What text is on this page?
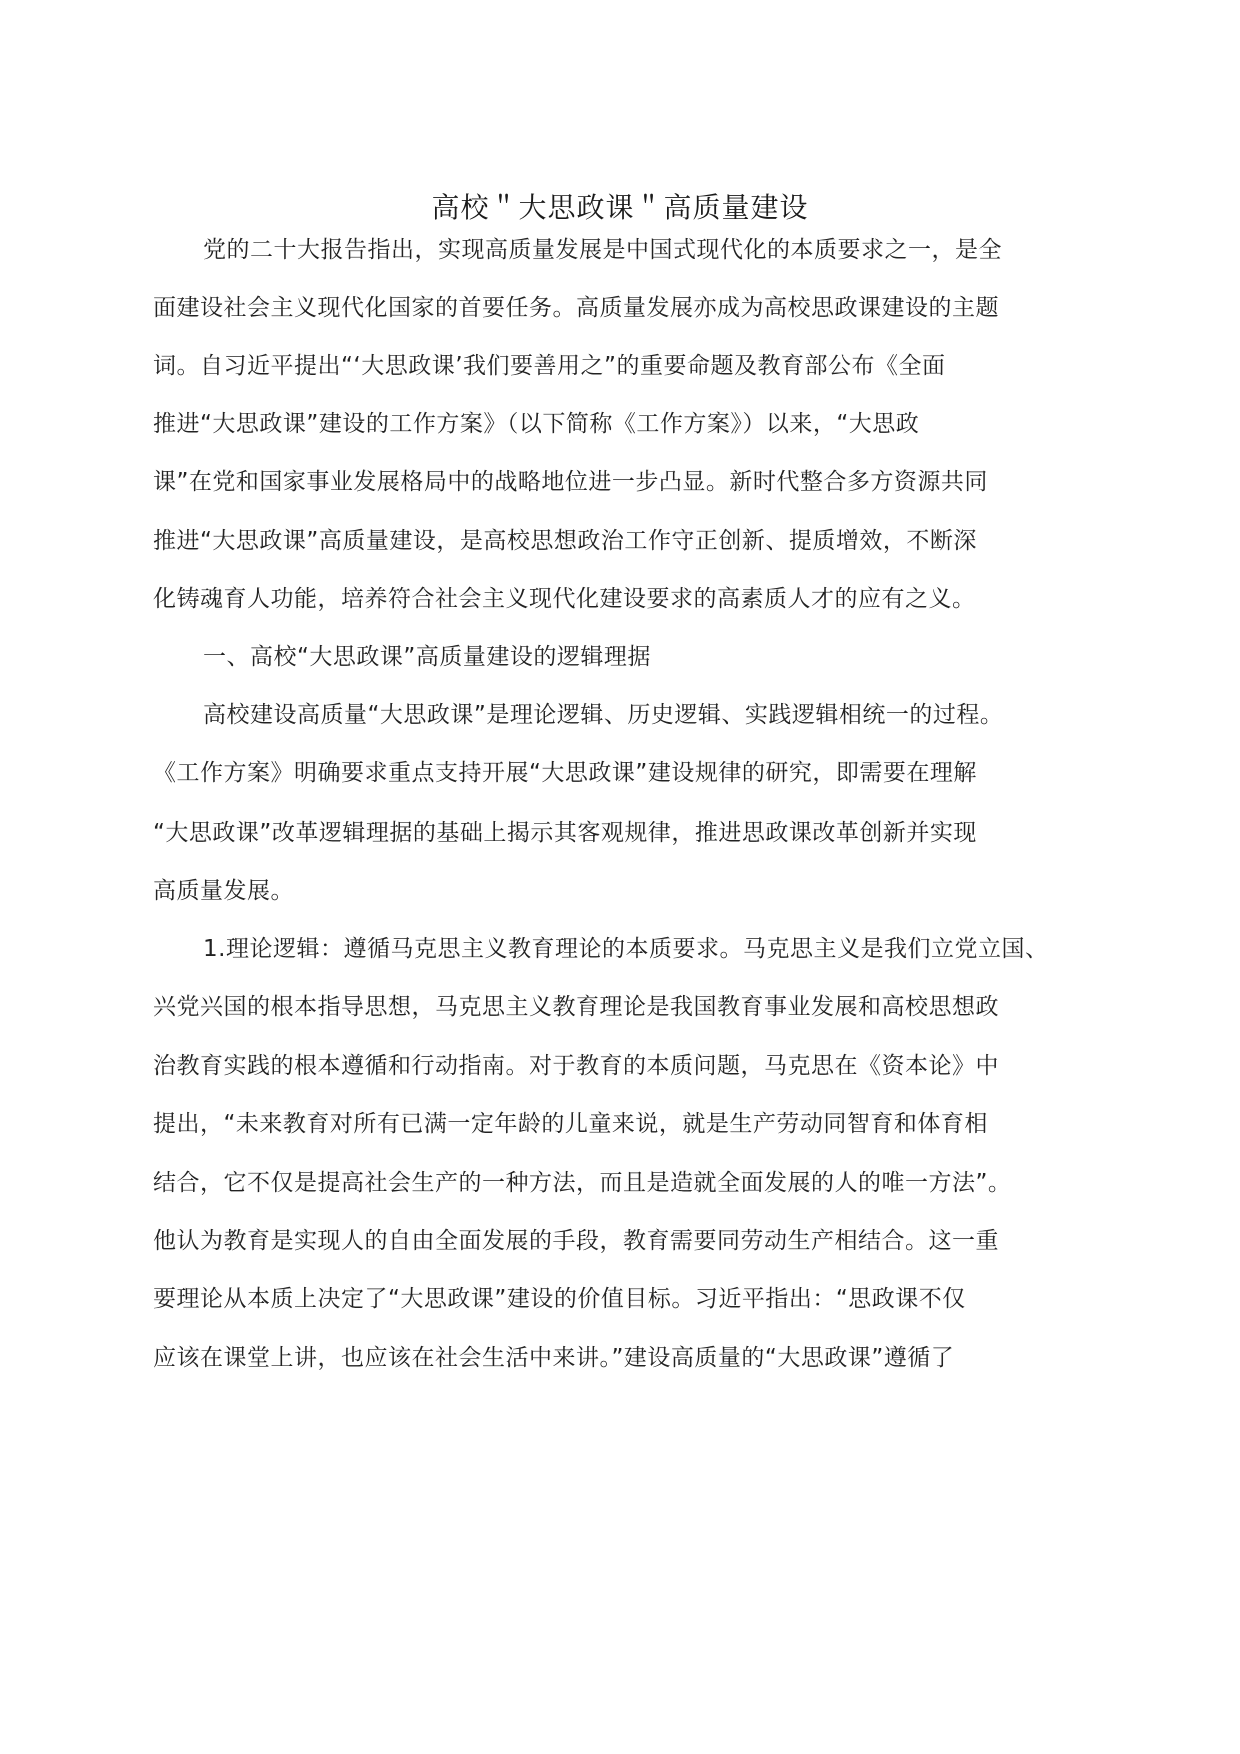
高校＂大思政课＂高质量建设
党的二十大报告指出，实现高质量发展是中国式现代化的本质要求之一，是全
面建设社会主义现代化国家的首要任务。高质量发展亦成为高校思政课建设的主题
词。自习近平提出“‘大思政课’我们要善用之”的重要命题及教育部公布《全面
推进“大思政课”建设的工作方案》（以下简称《工作方案》）以来，“大思政
课”在党和国家事业发展格局中的战略地位进一步凸显。新时代整合多方资源共同
推进“大思政课”高质量建设，是高校思想政治工作守正创新、提质增效，不断深
化铸魂育人功能，培养符合社会主义现代化建设要求的高素质人才的应有之义。
一、高校“大思政课”高质量建设的逻辑理据
高校建设高质量“大思政课”是理论逻辑、历史逻辑、实践逻辑相统一的过程。
《工作方案》明确要求重点支持开展“大思政课”建设规律的研究，即需要在理解
“大思政课”改革逻辑理据的基础上揭示其客观规律，推进思政课改革创新并实现
高质量发展。
1.理论逻辑：遵循马克思主义教育理论的本质要求。马克思主义是我们立党立国、
兴党兴国的根本指导思想，马克思主义教育理论是我国教育事业发展和高校思想政
治教育实践的根本遵循和行动指南。对于教育的本质问题，马克思在《资本论》中
提出，“未来教育对所有已满一定年龄的儿童来说，就是生产劳动同智育和体育相
结合，它不仅是提高社会生产的一种方法，而且是造就全面发展的人的唯一方法”。
他认为教育是实现人的自由全面发展的手段，教育需要同劳动生产相结合。这一重
要理论从本质上决定了“大思政课”建设的价值目标。习近平指出：“思政课不仅
应该在课堂上讲，也应该在社会生活中来讲。”建设高质量的“大思政课”遵循了
